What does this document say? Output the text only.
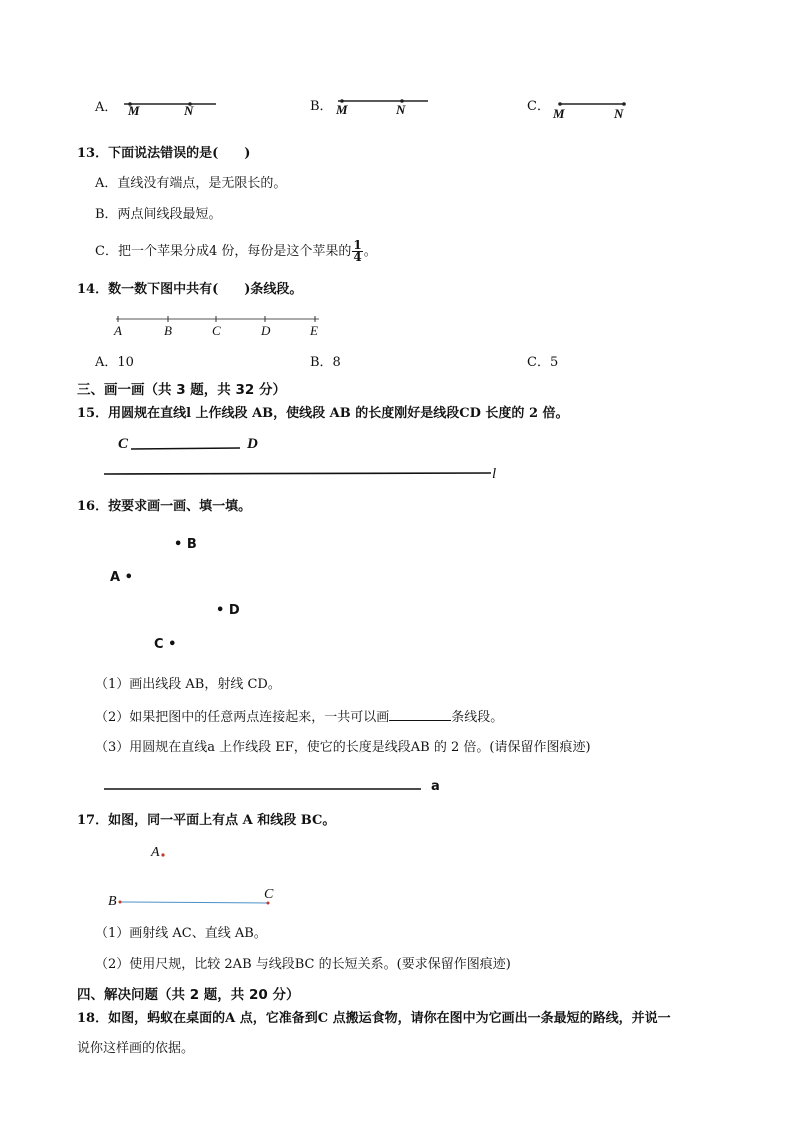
A． M	N	B． M	N	C． M	N
13．下面说法错误的是(　　)
A．直线没有端点，是无限长的。
B．两点间线段最短。
C．把一个苹果分成4 份，每份是这个苹果的 $\frac{1}{4}$ 。
14．数一数下图中共有(　　)条线段。
A	B	C	D	E
A．10	B．8	C．5
三、画一画（共 3 题，共 32 分）
15．用圆规在直线l 上作线段 AB，使线段 AB 的长度刚好是线段CD 长度的 2 倍。
C	D
l
16．按要求画一画、填一填。
• B
A •
• D
C •
（1）画出线段 AB，射线 CD。
（2）如果把图中的任意两点连接起来，一共可以画	条线段。
（3）用圆规在直线a 上作线段 EF，使它的长度是线段AB 的 2 倍。(请保留作图痕迹)
a
17．如图，同一平面上有点 A 和线段 BC。
A
B	C
（1）画射线 AC、直线 AB。
（2）使用尺规，比较 2AB 与线段BC 的长短关系。(要求保留作图痕迹)
四、解决问题（共 2 题，共 20 分）
18．如图，蚂蚁在桌面的A 点，它准备到C 点搬运食物，请你在图中为它画出一条最短的路线，并说一
说你这样画的依据。
